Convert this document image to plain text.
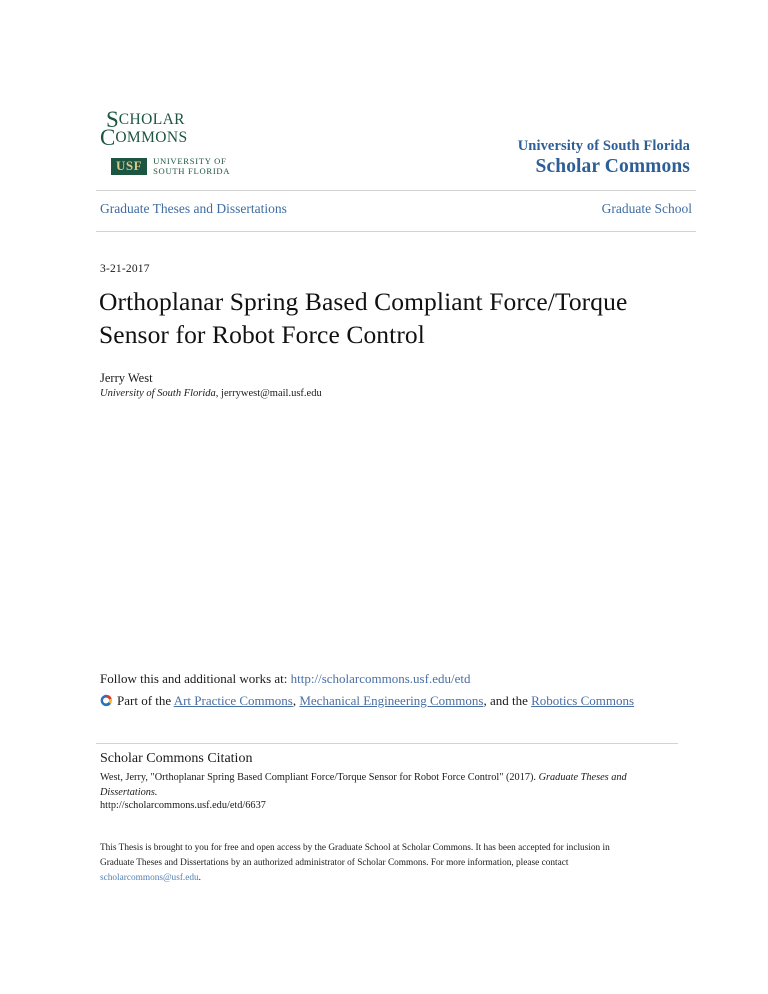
SCHOLAR
COMMONS
USF	UNIVERSITY OF
SOUTH FLORIDA
University of South Florida
Scholar Commons
Graduate Theses and Dissertations	Graduate School
3-21-2017
Orthoplanar Spring Based Compliant Force/Torque Sensor for Robot Force Control
Jerry West
University of South Florida, jerrywest@mail.usf.edu
Follow this and additional works at: http://scholarcommons.usf.edu/etd
Part of the Art Practice Commons, Mechanical Engineering Commons, and the Robotics Commons
Scholar Commons Citation
West, Jerry, "Orthoplanar Spring Based Compliant Force/Torque Sensor for Robot Force Control" (2017). Graduate Theses and Dissertations.
http://scholarcommons.usf.edu/etd/6637
This Thesis is brought to you for free and open access by the Graduate School at Scholar Commons. It has been accepted for inclusion in Graduate Theses and Dissertations by an authorized administrator of Scholar Commons. For more information, please contact scholarcommons@usf.edu.
